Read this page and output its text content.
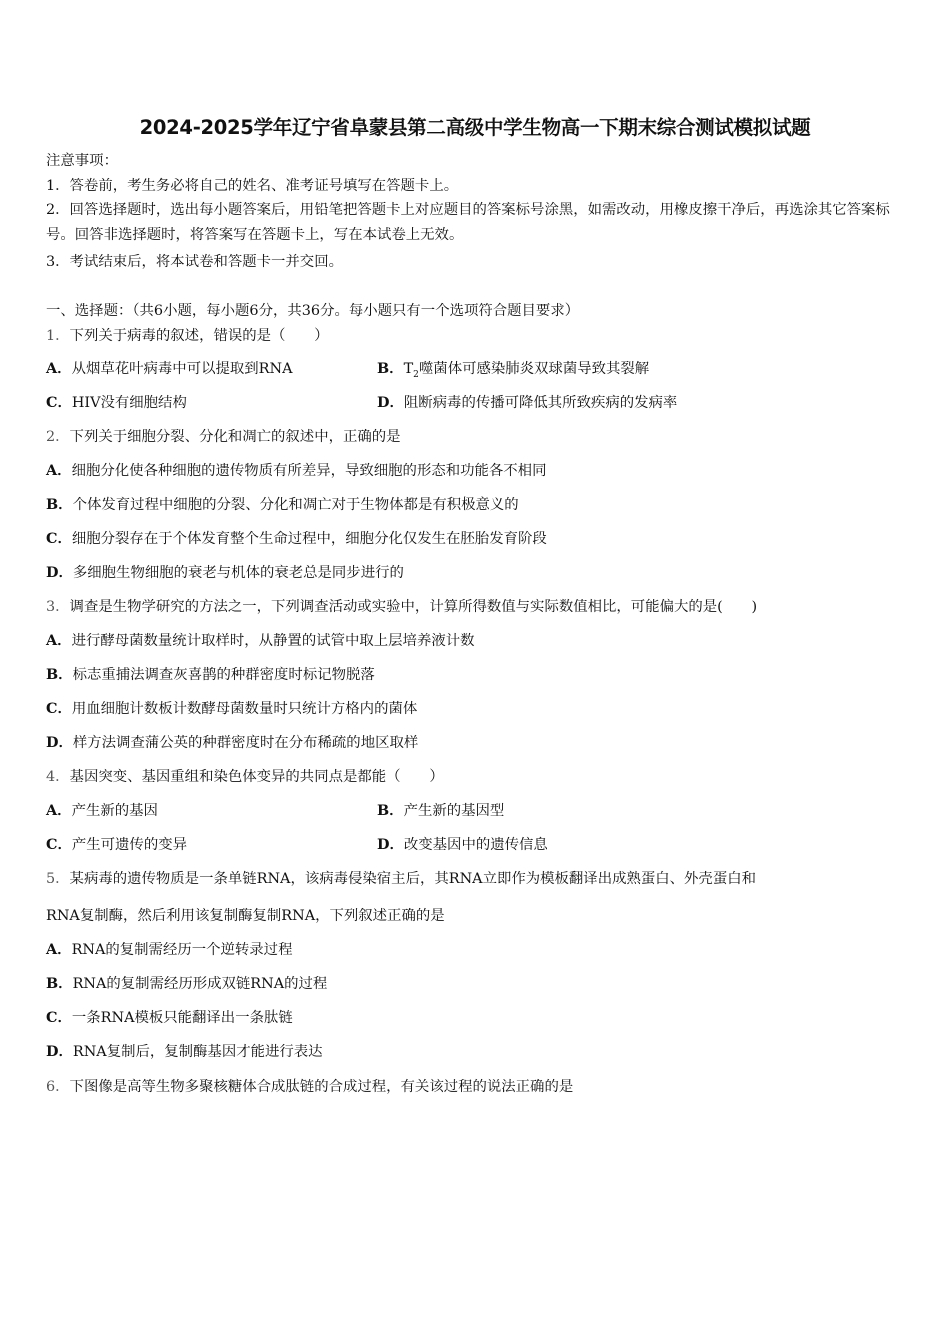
2024-2025学年辽宁省阜蒙县第二高级中学生物高一下期末综合测试模拟试题
注意事项：
1．答卷前，考生务必将自己的姓名、准考证号填写在答题卡上。
2．回答选择题时，选出每小题答案后，用铅笔把答题卡上对应题目的答案标号涂黑，如需改动，用橡皮擦干净后，再选涂其它答案标号。回答非选择题时，将答案写在答题卡上，写在本试卷上无效。
3．考试结束后，将本试卷和答题卡一并交回。
一、选择题：（共6小题，每小题6分，共36分。每小题只有一个选项符合题目要求）
1．下列关于病毒的叙述，错误的是（　　）
A．从烟草花叶病毒中可以提取到RNA	B．$T_2$噬菌体可感染肺炎双球菌导致其裂解
C．HIV没有细胞结构	D．阻断病毒的传播可降低其所致疾病的发病率
2．下列关于细胞分裂、分化和凋亡的叙述中，正确的是
A．细胞分化使各种细胞的遗传物质有所差异，导致细胞的形态和功能各不相同
B．个体发育过程中细胞的分裂、分化和凋亡对于生物体都是有积极意义的
C．细胞分裂存在于个体发育整个生命过程中，细胞分化仅发生在胚胎发育阶段
D．多细胞生物细胞的衰老与机体的衰老总是同步进行的
3．调查是生物学研究的方法之一，下列调查活动或实验中，计算所得数值与实际数值相比，可能偏大的是(　　)
A．进行酵母菌数量统计取样时，从静置的试管中取上层培养液计数
B．标志重捕法调查灰喜鹊的种群密度时标记物脱落
C．用血细胞计数板计数酵母菌数量时只统计方格内的菌体
D．样方法调查蒲公英的种群密度时在分布稀疏的地区取样
4．基因突变、基因重组和染色体变异的共同点是都能（　　）
A．产生新的基因	B．产生新的基因型
C．产生可遗传的变异	D．改变基因中的遗传信息
5．某病毒的遗传物质是一条单链RNA，该病毒侵染宿主后，其RNA立即作为模板翻译出成熟蛋白、外壳蛋白和
RNA复制酶，然后利用该复制酶复制RNA，下列叙述正确的是
A．RNA的复制需经历一个逆转录过程
B．RNA的复制需经历形成双链RNA的过程
C．一条RNA模板只能翻译出一条肽链
D．RNA复制后，复制酶基因才能进行表达
6．下图像是高等生物多聚核糖体合成肽链的合成过程，有关该过程的说法正确的是
